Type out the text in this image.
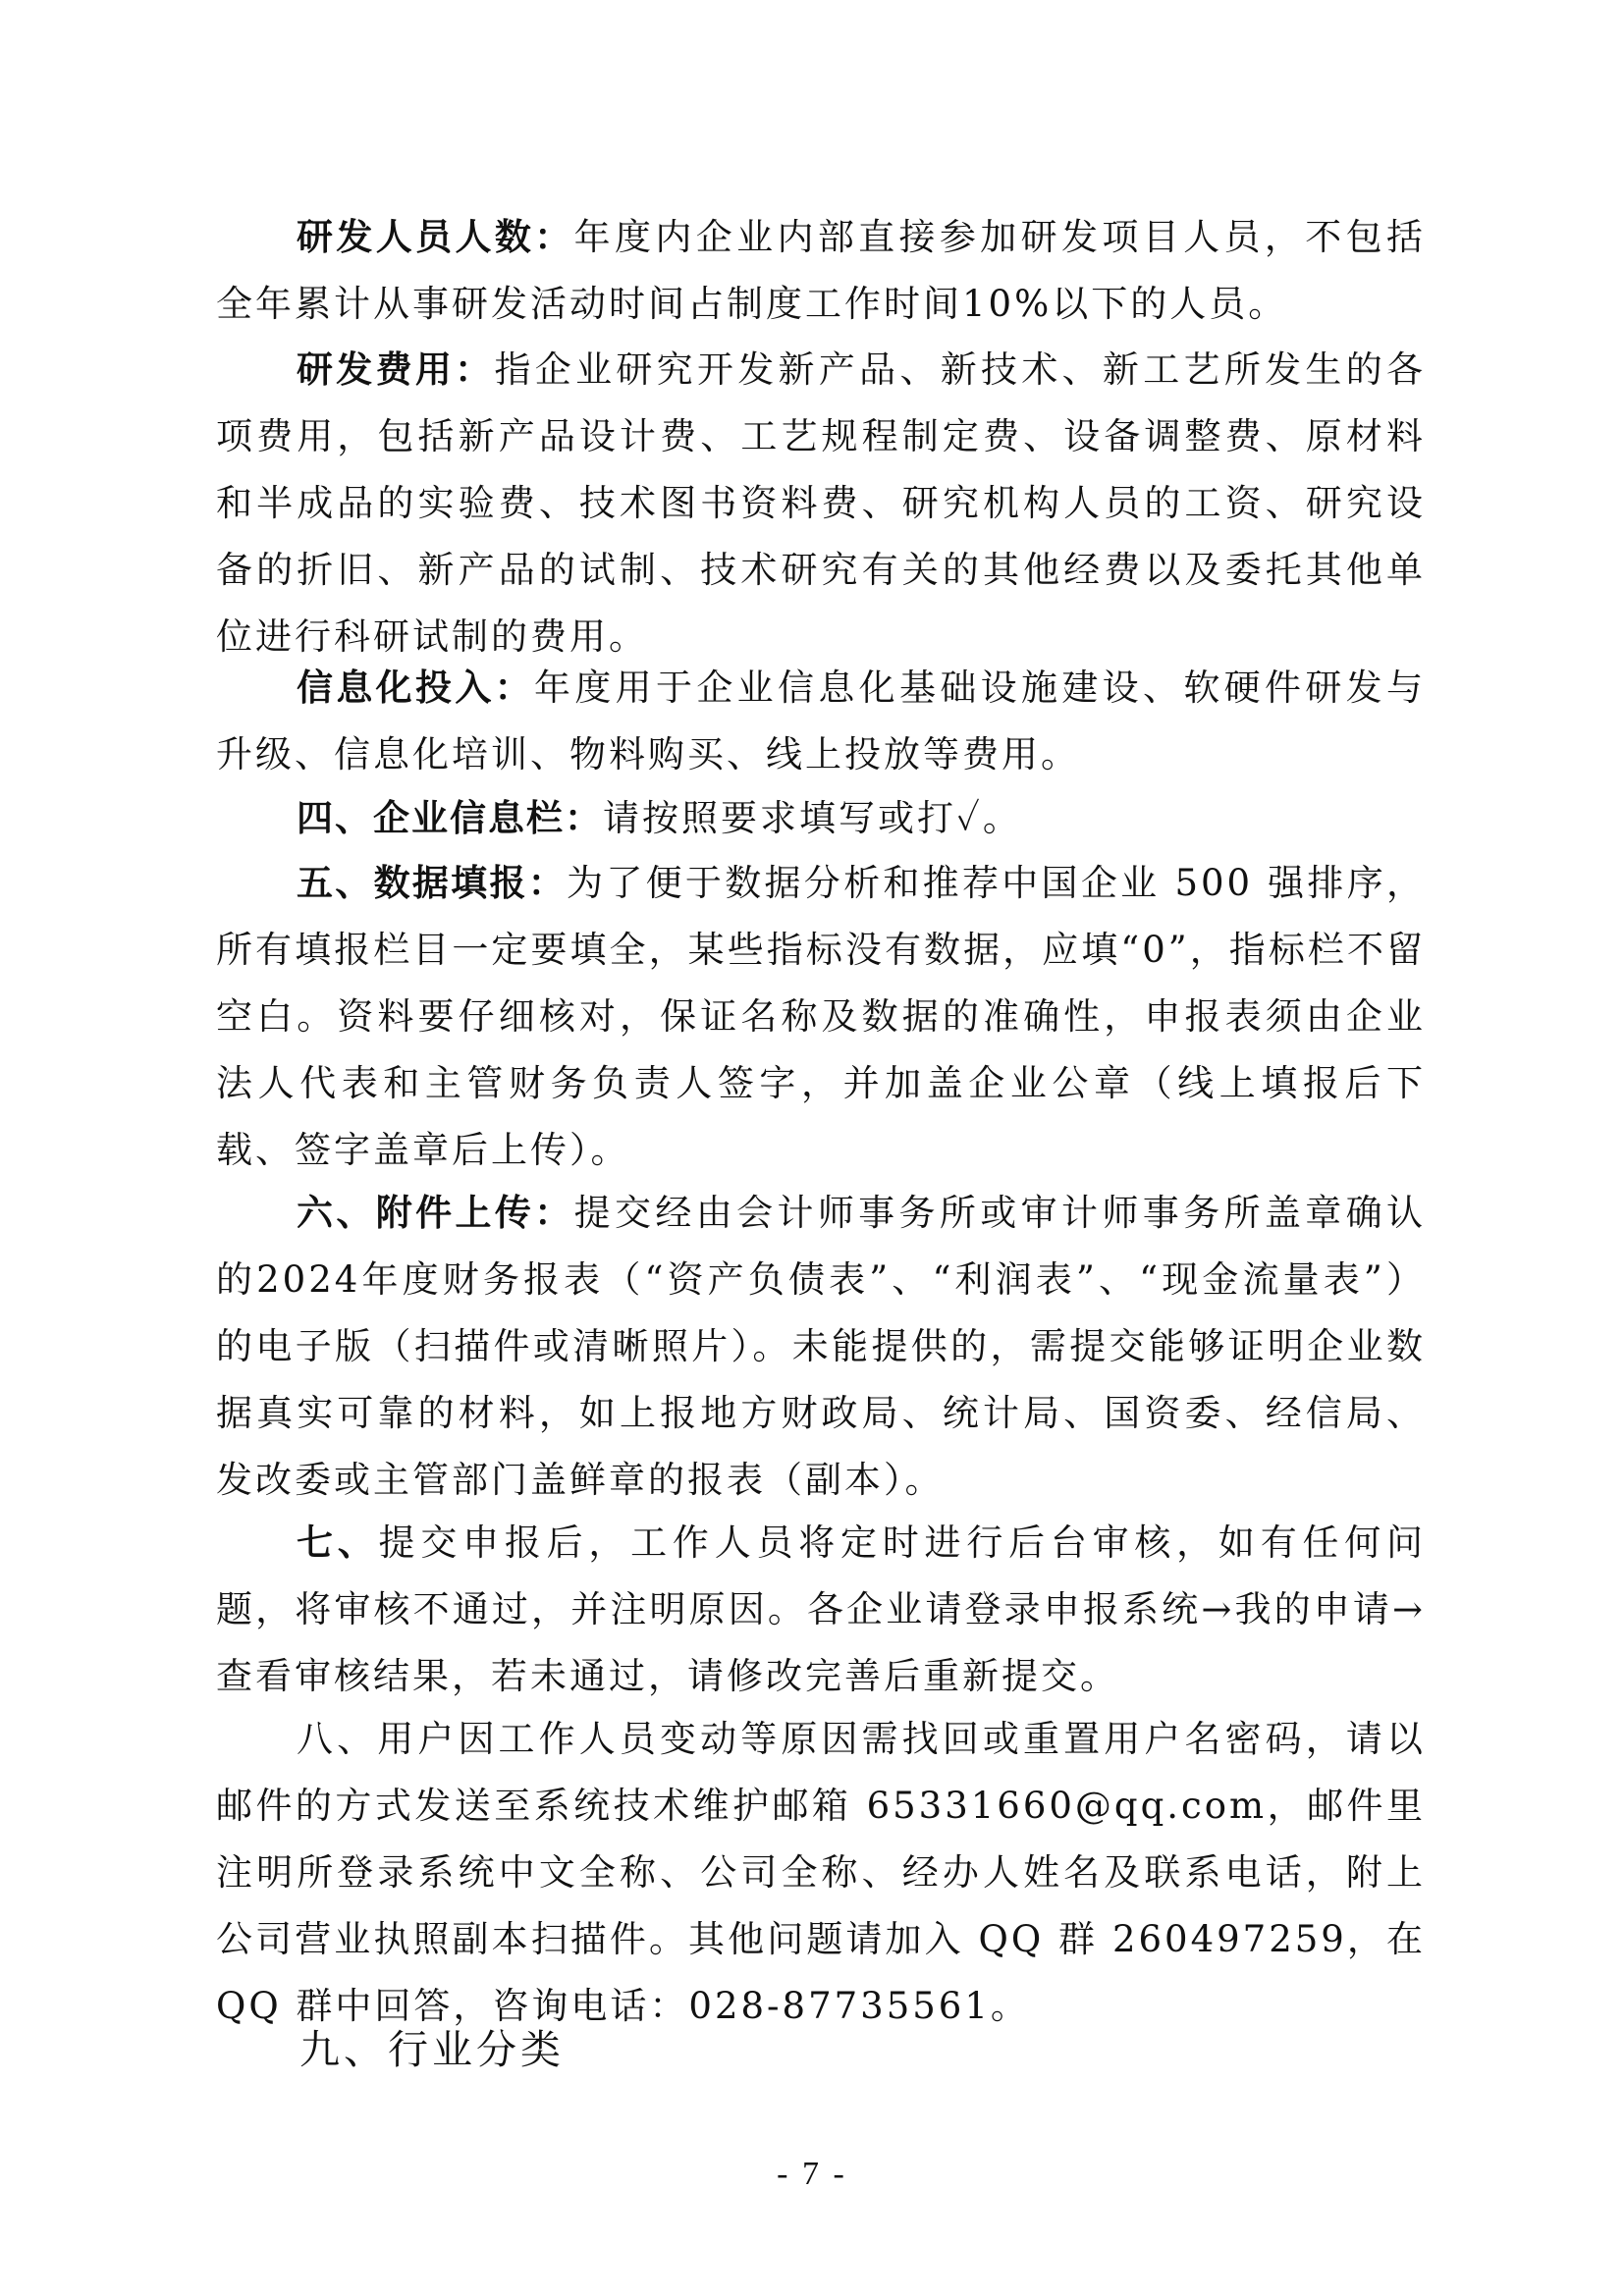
研发人员人数：年度内企业内部直接参加研发项目人员，不包括全年累计从事研发活动时间占制度工作时间10%以下的人员。

研发费用：指企业研究开发新产品、新技术、新工艺所发生的各项费用，包括新产品设计费、工艺规程制定费、设备调整费、原材料和半成品的实验费、技术图书资料费、研究机构人员的工资、研究设备的折旧、新产品的试制、技术研究有关的其他经费以及委托其他单位进行科研试制的费用。

信息化投入：年度用于企业信息化基础设施建设、软硬件研发与升级、信息化培训、物料购买、线上投放等费用。

四、企业信息栏：请按照要求填写或打✓。

五、数据填报：为了便于数据分析和推荐中国企业 500 强排序，所有填报栏目一定要填全，某些指标没有数据，应填“0”，指标栏不留空白。资料要仔细核对，保证名称及数据的准确性，申报表须由企业法人代表和主管财务负责人签字，并加盖企业公章（线上填报后下载、签字盖章后上传）。

六、附件上传：提交经由会计师事务所或审计师事务所盖章确认的2024年度财务报表（“资产负债表”、“利润表”、“现金流量表”）的电子版（扫描件或清晰照片）。未能提供的，需提交能够证明企业数据真实可靠的材料，如上报地方财政局、统计局、国资委、经信局、发改委或主管部门盖鲜章的报表（副本）。

七、提交申报后，工作人员将定时进行后台审核，如有任何问题，将审核不通过，并注明原因。各企业请登录申报系统→我的申请→查看审核结果，若未通过，请修改完善后重新提交。

八、用户因工作人员变动等原因需找回或重置用户名密码，请以邮件的方式发送至系统技术维护邮箱 65331660@qq.com，邮件里注明所登录系统中文全称、公司全称、经办人姓名及联系电话，附上公司营业执照副本扫描件。其他问题请加入 QQ 群 260497259，在 QQ 群中回答，咨询电话：028-87735561。

九、行业分类
- 7 -
